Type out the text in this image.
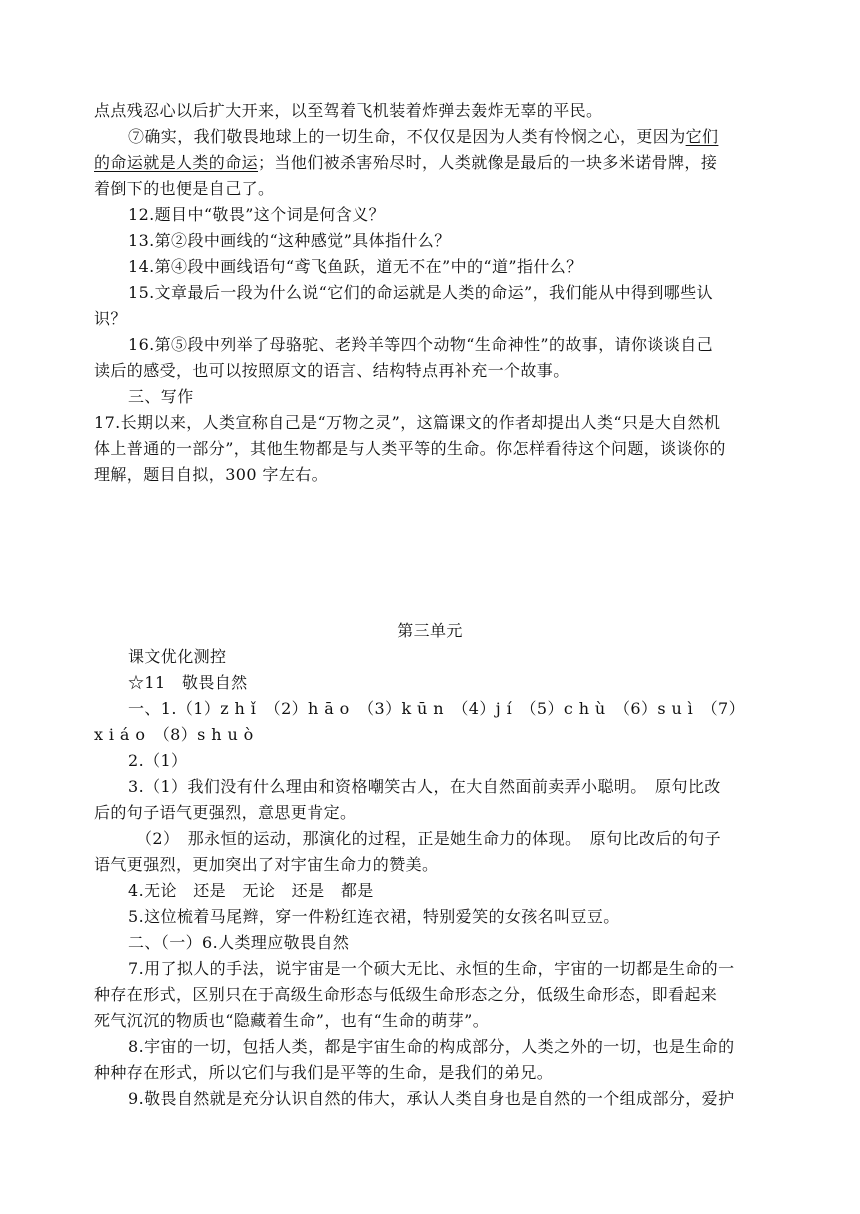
点点残忍心以后扩大开来，以至驾着飞机装着炸弹去轰炸无辜的平民。
⑦确实，我们敬畏地球上的一切生命，不仅仅是因为人类有怜悯之心，更因为它们
的命运就是人类的命运；当他们被杀害殆尽时，人类就像是最后的一块多米诺骨牌，接
着倒下的也便是自己了。
12.题目中“敬畏”这个词是何含义？
13.第②段中画线的“这种感觉”具体指什么？
14.第④段中画线语句“鸢飞鱼跃，道无不在”中的“道”指什么？
15.文章最后一段为什么说“它们的命运就是人类的命运”，我们能从中得到哪些认
识？
16.第⑤段中列举了母骆驼、老羚羊等四个动物“生命神性”的故事，请你谈谈自己
读后的感受，也可以按照原文的语言、结构特点再补充一个故事。
三、写作
17.长期以来，人类宣称自己是“万物之灵”，这篇课文的作者却提出人类“只是大自然机
体上普通的一部分”，其他生物都是与人类平等的生命。你怎样看待这个问题，谈谈你的
理解，题目自拟，300 字左右。
第三单元
课文优化测控
☆11　敬畏自然
一、1.（1）z h ǐ　（2）h ā o　（3）k ū n　（4）j í　（5）c h ù　（6）s u ì　（7）
x i á o　（8）s h u ò
2.（1）
3.（1）我们没有什么理由和资格嘲笑古人，在大自然面前卖弄小聪明。　原句比改
后的句子语气更强烈，意思更肯定。
（2）　那永恒的运动，那演化的过程，正是她生命力的体现。　原句比改后的句子
语气更强烈，更加突出了对宇宙生命力的赞美。
4.无论　还是　无论　还是　都是
5.这位梳着马尾辫，穿一件粉红连衣裙，特别爱笑的女孩名叫豆豆。
二、（一）6.人类理应敬畏自然
7.用了拟人的手法，说宇宙是一个硕大无比、永恒的生命，宇宙的一切都是生命的一
种存在形式，区别只在于高级生命形态与低级生命形态之分，低级生命形态，即看起来
死气沉沉的物质也“隐藏着生命”，也有“生命的萌芽”。
8.宇宙的一切，包括人类，都是宇宙生命的构成部分，人类之外的一切，也是生命的
种种存在形式，所以它们与我们是平等的生命，是我们的弟兄。
9.敬畏自然就是充分认识自然的伟大，承认人类自身也是自然的一个组成部分，爱护
